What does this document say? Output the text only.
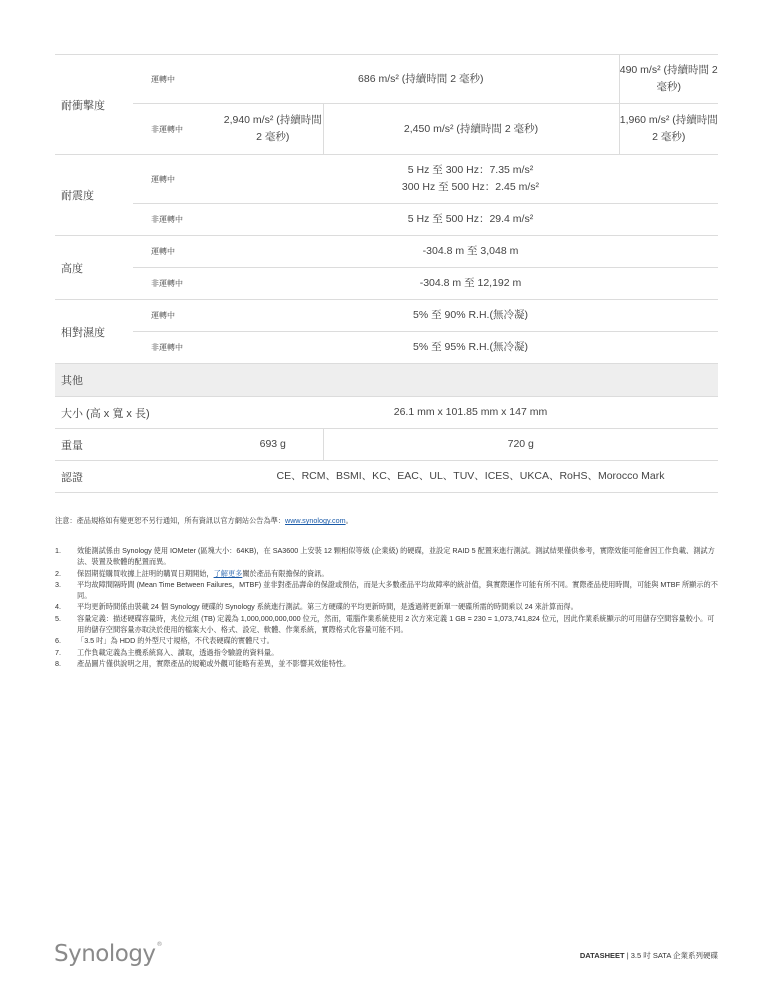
耐衝擊度	運轉中	686 m/s² (持續時間 2 毫秒)		490 m/s² (持續時間 2 毫秒)
	非運轉中	2,940 m/s² (持續時間 2 毫秒)	2,450 m/s² (持續時間 2 毫秒)	1,960 m/s² (持續時間 2 毫秒)
耐震度	運轉中	5 Hz 至 300 Hz：7.35 m/s²
300 Hz 至 500 Hz：2.45 m/s²		

	非運轉中	5 Hz 至 500 Hz：29.4 m/s²		
高度	運轉中	-304.8 m 至 3,048 m		
	非運轉中	-304.8 m 至 12,192 m		
相對濕度	運轉中	5% 至 90% R.H.(無冷凝)		
	非運轉中	5% 至 95% R.H.(無冷凝)		
其他				
大小 (高 x 寬 x 長)		26.1 mm x 101.85 mm x 147 mm		
重量		693 g	720 g	
認證		CE、RCM、BSMI、KC、EAC、UL、TUV、ICES、UKCA、RoHS、Morocco Mark		
注意：產品規格如有變更恕不另行通知，所有資訊以官方網站公告為準：www.synology.com。
1.	效能測試係由 Synology 使用 IOMeter (區塊大小：64KB)，在 SA3600 上安裝 12 顆相似等級 (企業級) 的硬碟，並設定 RAID 5 配置來進行測試。測試結果僅供參考，實際效能可能會因工作負載、測試方法、裝置及軟體的配置而異。
2.	保固期從購買收據上註明的購買日期開始，了解更多關於產品有限擔保的資訊。
3.	平均故障間隔時間 (Mean Time Between Failures，MTBF) 並非對產品壽命的保證或預估，而是大多數產品平均故障率的統計值，與實際運作可能有所不同。實際產品使用時間，可能與 MTBF 所顯示的不同。
4.	平均更新時間係由裝載 24 個 Synology 硬碟的 Synology 系統進行測試。第三方硬碟的平均更新時間，是透過將更新單一硬碟所需的時間乘以 24 來計算而得。
5.	容量定義：描述硬碟容量時，兆位元組 (TB) 定義為 1,000,000,000,000 位元，然而，電腦作業系統使用 2 次方來定義 1 GB = 230 = 1,073,741,824 位元，因此作業系統顯示的可用儲存空間容量較小。可用的儲存空間容量亦取決於使用的檔案大小、格式、設定、軟體、作業系統，實際格式化容量可能不同。
6.	「3.5 吋」為 HDD 的外型尺寸規格，不代表硬碟的實體尺寸。
7.	工作負載定義為主機系統寫入、讀取，透過指令驗證的資料量。
8.	產品圖片僅供說明之用，實際產品的規範或外觀可能略有差異，並不影響其效能特性。
Synology®
DATASHEET | 3.5 吋 SATA 企業系列硬碟
